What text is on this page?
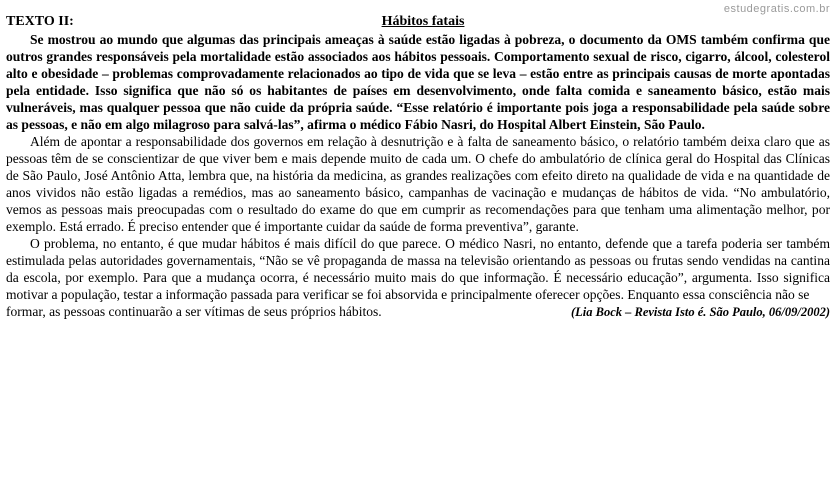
estudegratis.com.br
TEXTO II:	Hábitos fatais

Se mostrou ao mundo que algumas das principais ameaças à saúde estão ligadas à pobreza, o documento da OMS também confirma que outros grandes responsáveis pela mortalidade estão associados aos hábitos pessoais. Comportamento sexual de risco, cigarro, álcool, colesterol alto e obesidade – problemas comprovadamente relacionados ao tipo de vida que se leva – estão entre as principais causas de morte apontadas pela entidade. Isso significa que não só os habitantes de países em desenvolvimento, onde falta comida e saneamento básico, estão mais vulneráveis, mas qualquer pessoa que não cuide da própria saúde. “Esse relatório é importante pois joga a responsabilidade pela saúde sobre as pessoas, e não em algo milagroso para salvá-las”, afirma o médico Fábio Nasri, do Hospital Albert Einstein, São Paulo.

Além de apontar a responsabilidade dos governos em relação à desnutrição e à falta de saneamento básico, o relatório também deixa claro que as pessoas têm de se conscientizar de que viver bem e mais depende muito de cada um. O chefe do ambulatório de clínica geral do Hospital das Clínicas de São Paulo, José Antônio Atta, lembra que, na história da medicina, as grandes realizações com efeito direto na qualidade de vida e na quantidade de anos vividos não estão ligadas a remédios, mas ao saneamento básico, campanhas de vacinação e mudanças de hábitos de vida. “No ambulatório, vemos as pessoas mais preocupadas com o resultado do exame do que em cumprir as recomendações para que tenham uma alimentação melhor, por exemplo. Está errado. É preciso entender que é importante cuidar da saúde de forma preventiva”, garante.

O problema, no entanto, é que mudar hábitos é mais difícil do que parece. O médico Nasri, no entanto, defende que a tarefa poderia ser também estimulada pelas autoridades governamentais, “Não se vê propaganda de massa na televisão orientando as pessoas ou frutas sendo vendidas na cantina da escola, por exemplo. Para que a mudança ocorra, é necessário muito mais do que informação. É necessário educação”, argumenta. Isso significa motivar a população, testar a informação passada para verificar se foi absorvida e principalmente oferecer opções. Enquanto essa consciência não se

formar, as pessoas continuarão a ser vítimas de seus próprios hábitos.	(Lia Bock – Revista Isto é. São Paulo, 06/09/2002)
